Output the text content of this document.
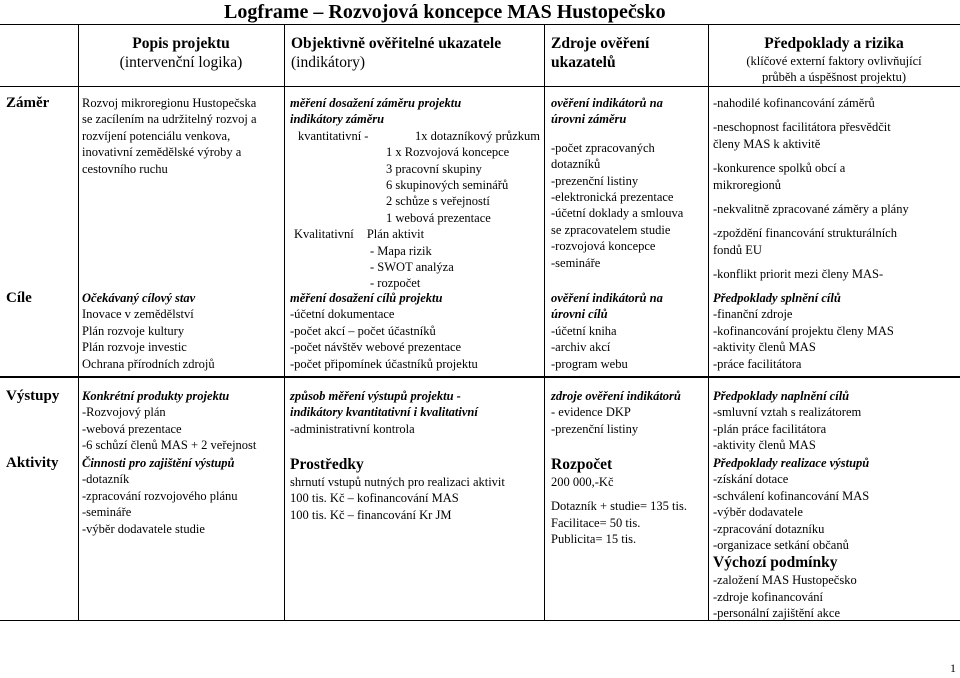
Logframe – Rozvojová koncepce MAS Hustopečsko
Popis projektu
(intervenční logika)
Objektivně ověřitelné ukazatele
(indikátory)
Zdroje ověření
ukazatelů
Předpoklady a rizika
(klíčové externí faktory ovlivňující
průběh a úspěšnost projektu)
Záměr
Cíle
Výstupy
Aktivity
Rozvoj mikroregionu Hustopečska
se zacílením na udržitelný rozvoj a
rozvíjení potenciálu venkova,
inovativní zemědělské výroby a
cestovního ruchu
měření dosažení záměru projektu
indikátory záměru
kvantitativní -	1x dotazníkový průzkum
1 x Rozvojová koncepce
3 pracovní skupiny
6 skupinových seminářů
2 schůze s veřejností
1 webová prezentace
Kvalitativní Plán aktivit
- Mapa rizik
- SWOT analýza
- rozpočet
ověření indikátorů na
úrovni záměru
-počet zpracovaných
dotazníků
-prezenční listiny
-elektronická prezentace
-účetní doklady a smlouva
se zpracovatelem studie
-rozvojová koncepce
-semináře
-nahodilé kofinancování záměrů
-neschopnost facilitátora přesvědčit
členy MAS k aktivitě
-konkurence spolků obcí a
mikroregionů
-nekvalitně zpracované záměry a plány
-zpoždění financování strukturálních
fondů EU
-konflikt priorit mezi členy MAS-
Očekávaný cílový stav
Inovace v zemědělství
Plán rozvoje kultury
Plán rozvoje investic
Ochrana přírodních zdrojů
měření dosažení cílů projektu
-účetní dokumentace
-počet akcí – počet účastníků
-počet návštěv webové prezentace
-počet připomínek účastníků projektu
ověření indikátorů na
úrovni cílů
-účetní kniha
-archiv akcí
-program webu
Předpoklady splnění cílů
-finanční zdroje
-kofinancování projektu členy MAS
-aktivity členů MAS
-práce facilitátora
Konkrétní produkty projektu
-Rozvojový plán
-webová prezentace
-6 schůzí členů MAS + 2 veřejnost
způsob měření výstupů projektu -
indikátory kvantitativní i kvalitativní
-administrativní kontrola
zdroje ověření indikátorů
- evidence DKP
-prezenční listiny
Předpoklady naplnění cílů
-smluvní vztah s realizátorem
-plán práce facilitátora
-aktivity členů MAS
Činnosti pro zajištění výstupů
-dotazník
-zpracování rozvojového plánu
-semináře
-výběr dodavatele studie
Prostředky
shrnutí vstupů nutných pro realizaci aktivit
100 tis. Kč – kofinancování MAS
100 tis. Kč – financování Kr JM
Rozpočet
200 000,-Kč
Dotazník + studie= 135 tis.
Facilitace= 50 tis.
Publicita= 15 tis.
Předpoklady realizace výstupů
-získání dotace
-schválení kofinancování MAS
-výběr dodavatele
-zpracování dotazníku
-organizace setkání občanů
Výchozí podmínky
-založení MAS Hustopečsko
-zdroje kofinancování
-personální zajištění akce
1
